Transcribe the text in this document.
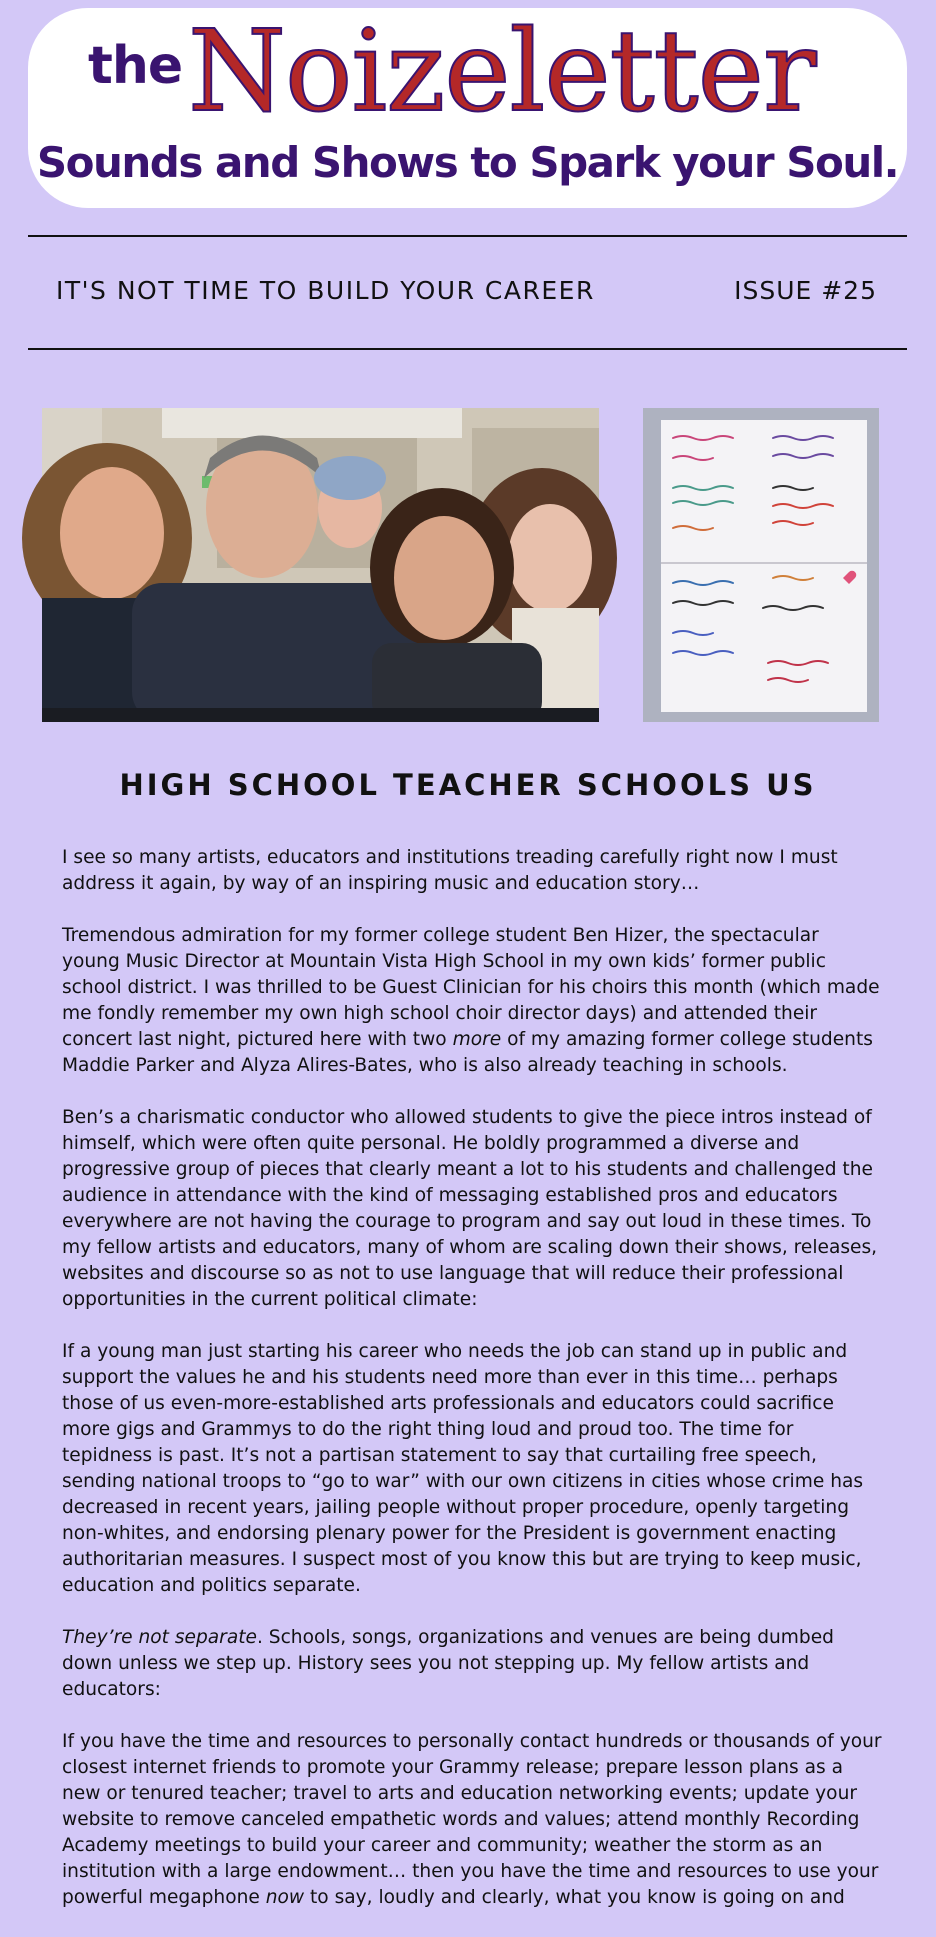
the Noizeletter
Sounds and Shows to Spark your Soul.
IT'S NOT TIME TO BUILD YOUR CAREER	ISSUE #25
HIGH SCHOOL TEACHER SCHOOLS US

I see so many artists, educators and institutions treading carefully right now I must address it again, by way of an inspiring music and education story…

Tremendous admiration for my former college student Ben Hizer, the spectacular young Music Director at Mountain Vista High School in my own kids’ former public school district. I was thrilled to be Guest Clinician for his choirs this month (which made me fondly remember my own high school choir director days) and attended their concert last night, pictured here with two more of my amazing former college students Maddie Parker and Alyza Alires-Bates, who is also already teaching in schools.

Ben’s a charismatic conductor who allowed students to give the piece intros instead of himself, which were often quite personal. He boldly programmed a diverse and progressive group of pieces that clearly meant a lot to his students and challenged the audience in attendance with the kind of messaging established pros and educators everywhere are not having the courage to program and say out loud in these times. To my fellow artists and educators, many of whom are scaling down their shows, releases, websites and discourse so as not to use language that will reduce their professional opportunities in the current political climate:

If a young man just starting his career who needs the job can stand up in public and support the values he and his students need more than ever in this time… perhaps those of us even-more-established arts professionals and educators could sacrifice more gigs and Grammys to do the right thing loud and proud too. The time for tepidness is past. It’s not a partisan statement to say that curtailing free speech, sending national troops to “go to war” with our own citizens in cities whose crime has decreased in recent years, jailing people without proper procedure, openly targeting non-whites, and endorsing plenary power for the President is government enacting authoritarian measures. I suspect most of you know this but are trying to keep music, education and politics separate.

They’re not separate. Schools, songs, organizations and venues are being dumbed down unless we step up. History sees you not stepping up. My fellow artists and educators:

If you have the time and resources to personally contact hundreds or thousands of your closest internet friends to promote your Grammy release; prepare lesson plans as a new or tenured teacher; travel to arts and education networking events; update your website to remove canceled empathetic words and values; attend monthly Recording Academy meetings to build your career and community; weather the storm as an institution with a large endowment… then you have the time and resources to use your powerful megaphone now to say, loudly and clearly, what you know is going on and
